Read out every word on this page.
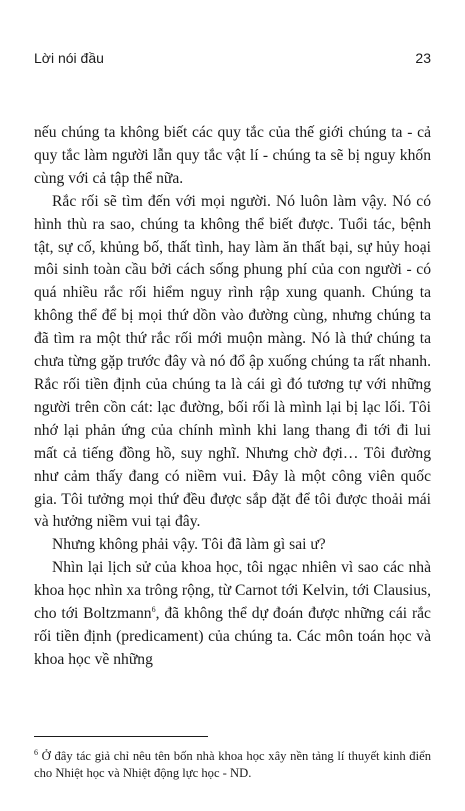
Lời nói đầu	23

nếu chúng ta không biết các quy tắc của thế giới chúng ta - cả quy tắc làm người lẫn quy tắc vật lí - chúng ta sẽ bị nguy khốn cùng với cả tập thể nữa.

Rắc rối sẽ tìm đến với mọi người. Nó luôn làm vậy. Nó có hình thù ra sao, chúng ta không thể biết được. Tuổi tác, bệnh tật, sự cố, khủng bố, thất tình, hay làm ăn thất bại, sự hủy hoại môi sinh toàn cầu bởi cách sống phung phí của con người - có quá nhiều rắc rối hiểm nguy rình rập xung quanh. Chúng ta không thể để bị mọi thứ dồn vào đường cùng, nhưng chúng ta đã tìm ra một thứ rắc rối mới muộn màng. Nó là thứ chúng ta chưa từng gặp trước đây và nó đổ ập xuống chúng ta rất nhanh. Rắc rối tiền định của chúng ta là cái gì đó tương tự với những người trên cồn cát: lạc đường, bối rối là mình lại bị lạc lối. Tôi nhớ lại phản ứng của chính mình khi lang thang đi tới đi lui mất cả tiếng đồng hồ, suy nghĩ. Nhưng chờ đợi… Tôi đường như cảm thấy đang có niềm vui. Đây là một công viên quốc gia. Tôi tưởng mọi thứ đều được sắp đặt để tôi được thoải mái và hưởng niềm vui tại đây.

Nhưng không phải vậy. Tôi đã làm gì sai ư?

Nhìn lại lịch sử của khoa học, tôi ngạc nhiên vì sao các nhà khoa học nhìn xa trông rộng, từ Carnot tới Kelvin, tới Clausius, cho tới Boltzmann$^6$, đã không thể dự đoán được những cái rắc rối tiền định (predicament) của chúng ta. Các môn toán học và khoa học về những

$^6$ Ở đây tác giả chỉ nêu tên bốn nhà khoa học xây nền tảng lí thuyết kinh điển cho Nhiệt học và Nhiệt động lực học - ND.
